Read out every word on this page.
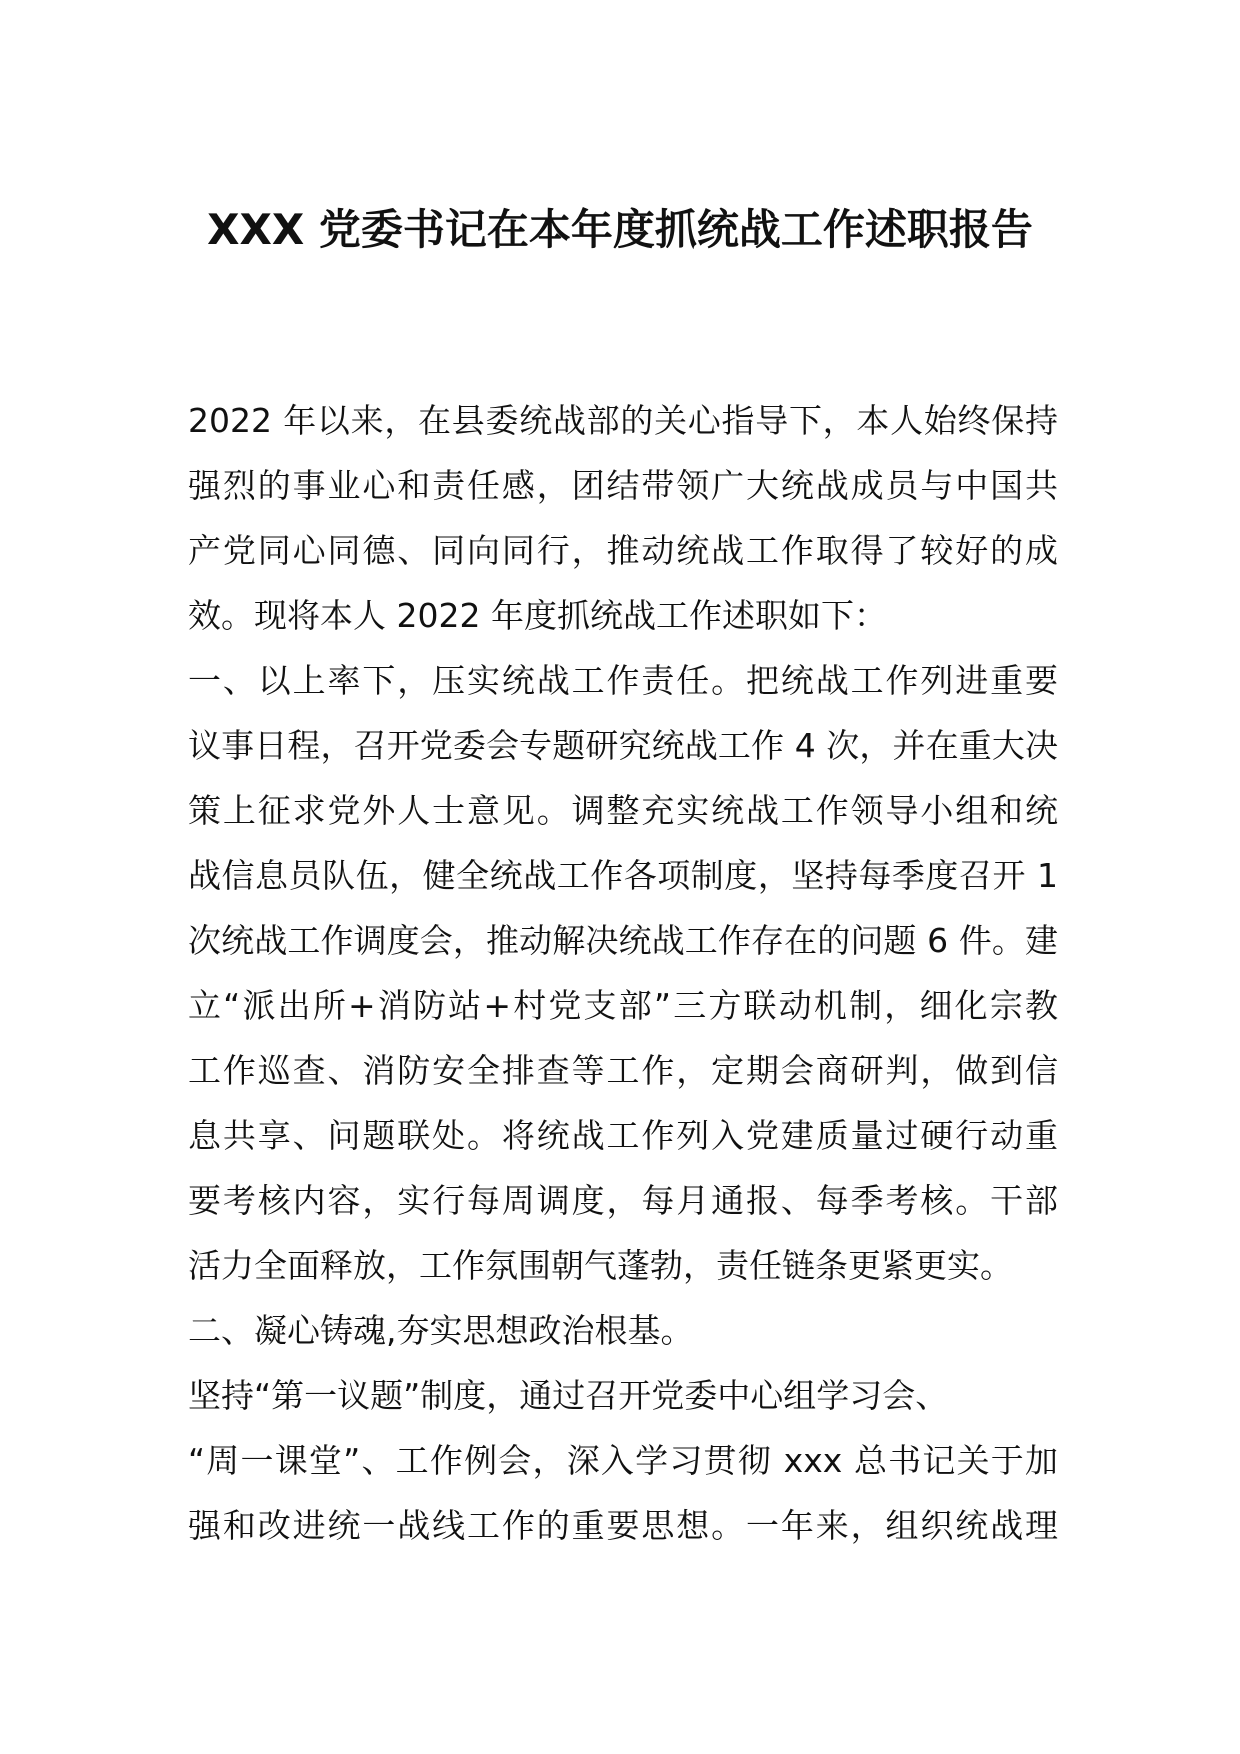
XXX 党委书记在本年度抓统战工作述职报告
2022 年以来，在县委统战部的关心指导下，本人始终保持
强烈的事业心和责任感，团结带领广大统战成员与中国共
产党同心同德、同向同行，推动统战工作取得了较好的成
效。现将本人 2022 年度抓统战工作述职如下：
一、以上率下，压实统战工作责任。把统战工作列进重要
议事日程，召开党委会专题研究统战工作 4 次，并在重大决
策上征求党外人士意见。调整充实统战工作领导小组和统
战信息员队伍，健全统战工作各项制度，坚持每季度召开 1
次统战工作调度会，推动解决统战工作存在的问题 6 件。建
立“派出所+消防站+村党支部”三方联动机制，细化宗教
工作巡查、消防安全排查等工作，定期会商研判，做到信
息共享、问题联处。将统战工作列入党建质量过硬行动重
要考核内容，实行每周调度，每月通报、每季考核。干部
活力全面释放，工作氛围朝气蓬勃，责任链条更紧更实。
二、凝心铸魂,夯实思想政治根基。
坚持“第一议题”制度，通过召开党委中心组学习会、
“周一课堂”、工作例会，深入学习贯彻 xxx 总书记关于加
强和改进统一战线工作的重要思想。一年来，组织统战理
